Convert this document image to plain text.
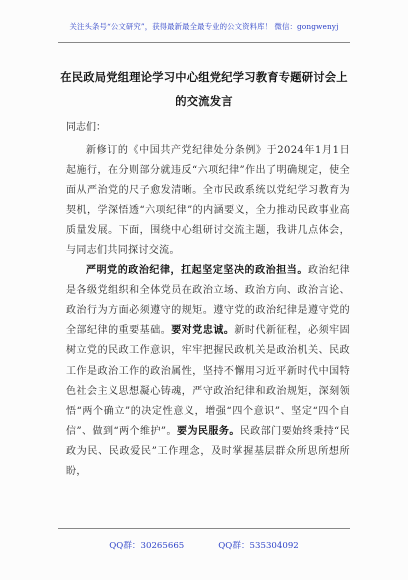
关注头条号“公文研究”，获得最新最全最专业的公文资料库！ 微信：gongwenyj
在民政局党组理论学习中心组党纪学习教育专题研讨会上
的交流发言
同志们：

新修订的《中国共产党纪律处分条例》于2024年1月1日起施行，在分则部分就违反“六项纪律”作出了明确规定，使全面从严治党的尺子愈发清晰。全市民政系统以党纪学习教育为契机，学深悟透“六项纪律”的内涵要义，全力推动民政事业高质量发展。下面，围绕中心组研讨交流主题，我讲几点体会，与同志们共同探讨交流。

严明党的政治纪律，扛起坚定坚决的政治担当。政治纪律是各级党组织和全体党员在政治立场、政治方向、政治言论、政治行为方面必须遵守的规矩。遵守党的政治纪律是遵守党的全部纪律的重要基础。要对党忠诚。新时代新征程，必须牢固树立党的民政工作意识，牢牢把握民政机关是政治机关、民政工作是政治工作的政治属性，坚持不懈用习近平新时代中国特色社会主义思想凝心铸魂，严守政治纪律和政治规矩，深刻领悟“两个确立”的决定性意义，增强“四个意识”、坚定“四个自信”、做到“两个维护”。要为民服务。民政部门要始终秉持“民政为民、民政爱民”工作理念，及时掌握基层群众所思所想所盼，

QQ群：30265665	QQ群：535304092
